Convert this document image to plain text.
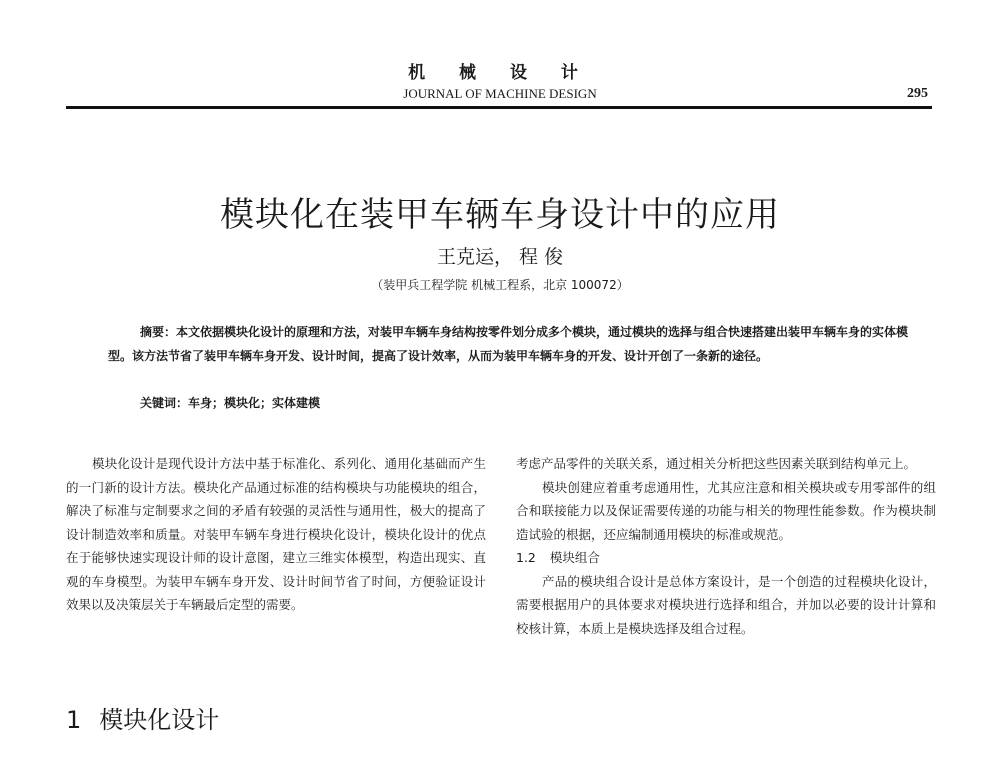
机 械 设 计
JOURNAL OF MACHINE DESIGN	295
模块化在装甲车辆车身设计中的应用
王克运， 程 俊
（装甲兵工程学院 机械工程系，北京 100072）

摘要：本文依据模块化设计的原理和方法，对装甲车辆车身结构按零件划分成多个模块，通过模块的选择与组合快速搭建出装甲车辆车身的实体模型。该方法节省了装甲车辆车身开发、设计时间，提高了设计效率，从而为装甲车辆车身的开发、设计开创了一条新的途径。

关键词：车身；模块化；实体建模

模块化设计是现代设计方法中基于标准化、系列化、通用化基础而产生的一门新的设计方法。模块化产品通过标准的结构模块与功能模块的组合，解决了标准与定制要求之间的矛盾有较强的灵活性与通用性，极大的提高了设计制造效率和质量。对装甲车辆车身进行模块化设计，模块化设计的优点在于能够快速实现设计师的设计意图，建立三维实体模型，构造出现实、直观的车身模型。为装甲车辆车身开发、设计时间节省了时间，方便验证设计效果以及决策层关于车辆最后定型的需要。

1 模块化设计

考虑产品零件的关联关系，通过相关分析把这些因素关联到结构单元上。

模块创建应着重考虑通用性，尤其应注意和相关模块或专用零部件的组合和联接能力以及保证需要传递的功能与相关的物理性能参数。作为模块制造试验的根据，还应编制通用模块的标准或规范。

1.2 模块组合

产品的模块组合设计是总体方案设计，是一个创造的过程模块化设计，需要根据用户的具体要求对模块进行选择和组合，并加以必要的设计计算和校核计算，本质上是模块选择及组合过程。
